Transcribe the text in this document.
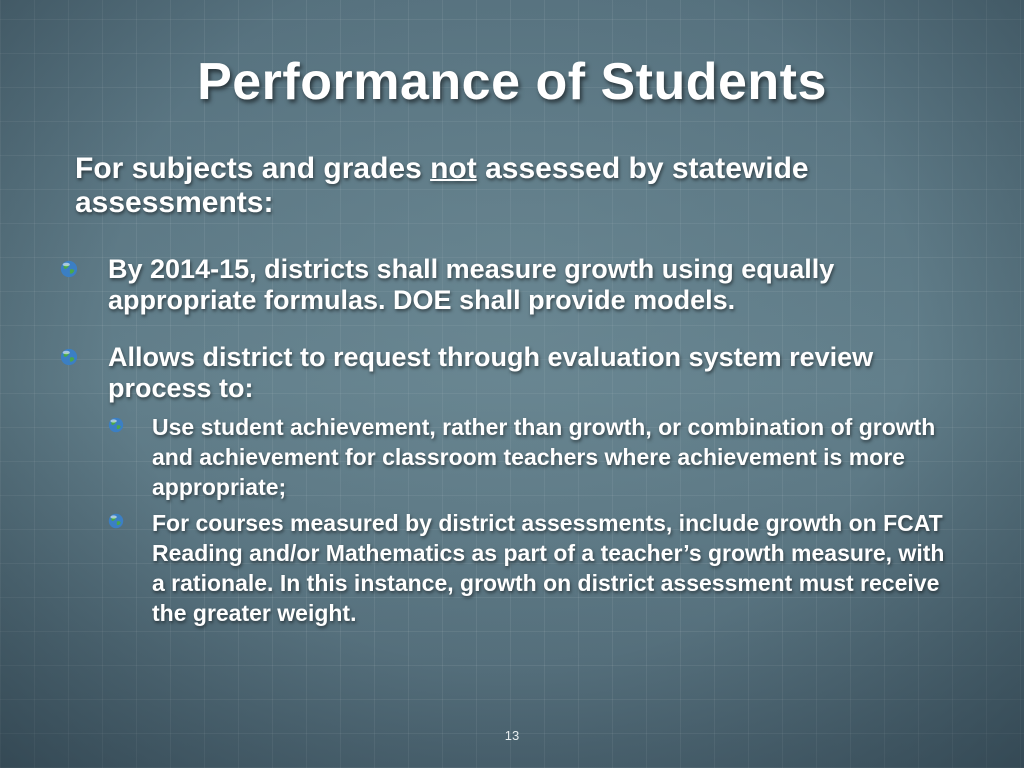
Performance of Students
For subjects and grades not assessed by statewide assessments:
By 2014-15, districts shall measure growth using equally appropriate formulas. DOE shall provide models.
Allows district to request through evaluation system review process to:
Use student achievement, rather than growth, or combination of growth and achievement for classroom teachers where achievement is more appropriate;
For courses measured by district assessments, include growth on FCAT Reading and/or Mathematics as part of a teacher’s growth measure, with a rationale. In this instance, growth on district assessment must receive the greater weight.
13
